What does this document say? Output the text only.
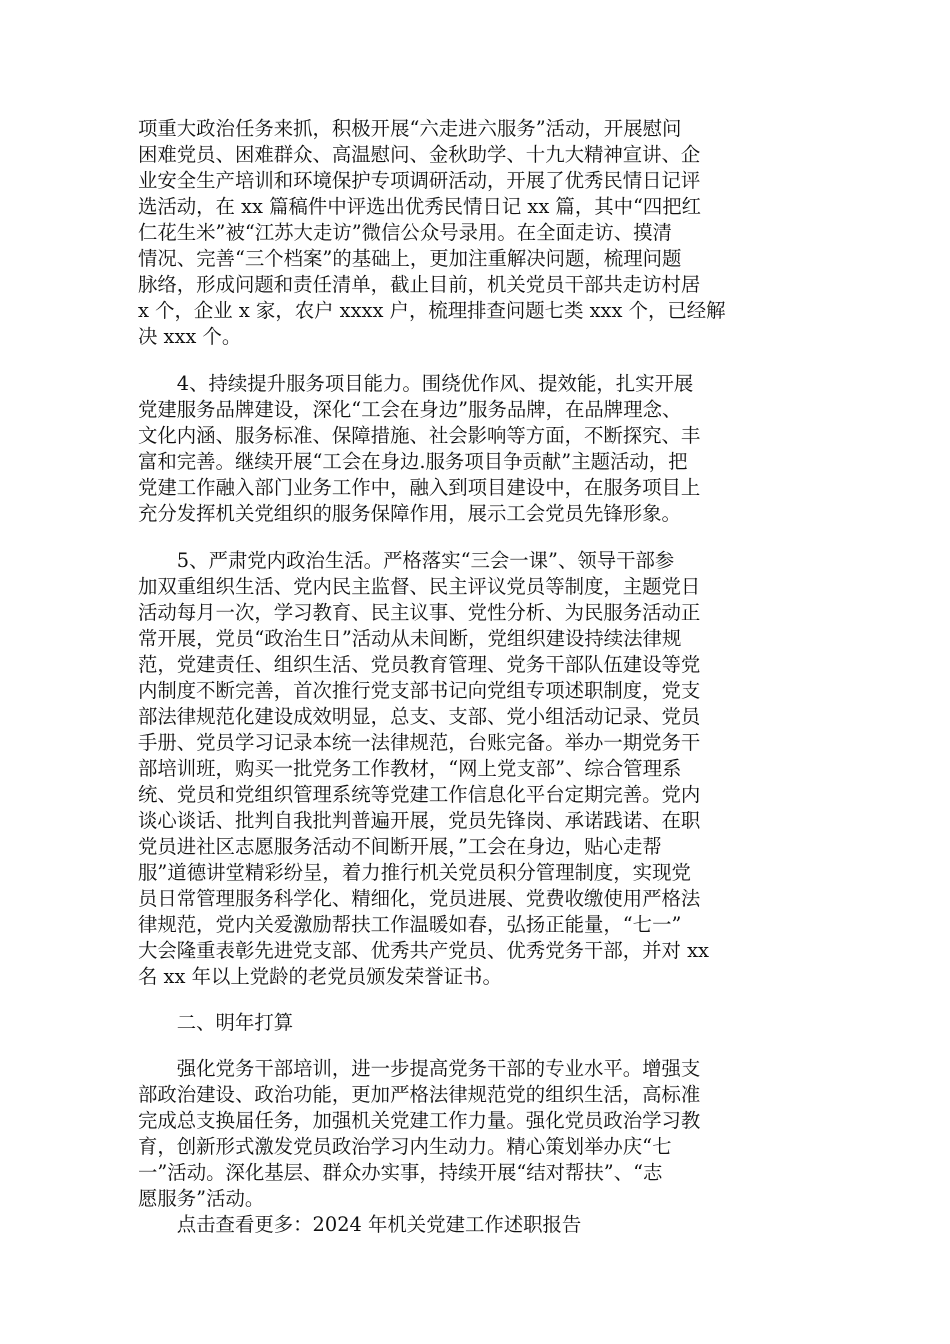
项重大政治任务来抓，积极开展“六走进六服务”活动，开展慰问
困难党员、困难群众、高温慰问、金秋助学、十九大精神宣讲、企
业安全生产培训和环境保护专项调研活动，开展了优秀民情日记评
选活动，在 xx 篇稿件中评选出优秀民情日记 xx 篇，其中“四把红
仁花生米”被“江苏大走访”微信公众号录用。在全面走访、摸清
情况、完善“三个档案”的基础上，更加注重解决问题，梳理问题
脉络，形成问题和责任清单，截止目前，机关党员干部共走访村居
x 个，企业 x 家，农户 xxxx 户，梳理排查问题七类 xxx 个，已经解
决 xxx 个。
　　4、持续提升服务项目能力。围绕优作风、提效能，扎实开展
党建服务品牌建设，深化“工会在身边”服务品牌，在品牌理念、
文化内涵、服务标准、保障措施、社会影响等方面，不断探究、丰
富和完善。继续开展“工会在身边.服务项目争贡献”主题活动，把
党建工作融入部门业务工作中，融入到项目建设中，在服务项目上
充分发挥机关党组织的服务保障作用，展示工会党员先锋形象。
　　5、严肃党内政治生活。严格落实“三会一课”、领导干部参
加双重组织生活、党内民主监督、民主评议党员等制度，主题党日
活动每月一次，学习教育、民主议事、党性分析、为民服务活动正
常开展，党员“政治生日”活动从未间断，党组织建设持续法律规
范，党建责任、组织生活、党员教育管理、党务干部队伍建设等党
内制度不断完善，首次推行党支部书记向党组专项述职制度，党支
部法律规范化建设成效明显，总支、支部、党小组活动记录、党员
手册、党员学习记录本统一法律规范，台账完备。举办一期党务干
部培训班，购买一批党务工作教材，“网上党支部”、综合管理系
统、党员和党组织管理系统等党建工作信息化平台定期完善。党内
谈心谈话、批判自我批判普遍开展，党员先锋岗、承诺践诺、在职
党员进社区志愿服务活动不间断开展，”工会在身边，贴心走帮
服”道德讲堂精彩纷呈，着力推行机关党员积分管理制度，实现党
员日常管理服务科学化、精细化，党员进展、党费收缴使用严格法
律规范，党内关爱激励帮扶工作温暖如春，弘扬正能量，“七一”
大会隆重表彰先进党支部、优秀共产党员、优秀党务干部，并对 xx
名 xx 年以上党龄的老党员颁发荣誉证书。
　　二、明年打算
　　强化党务干部培训，进一步提高党务干部的专业水平。增强支
部政治建设、政治功能，更加严格法律规范党的组织生活，高标准
完成总支换届任务，加强机关党建工作力量。强化党员政治学习教
育，创新形式激发党员政治学习内生动力。精心策划举办庆“七
一”活动。深化基层、群众办实事，持续开展“结对帮扶”、“志
愿服务”活动。
　　点击查看更多：2024 年机关党建工作述职报告
